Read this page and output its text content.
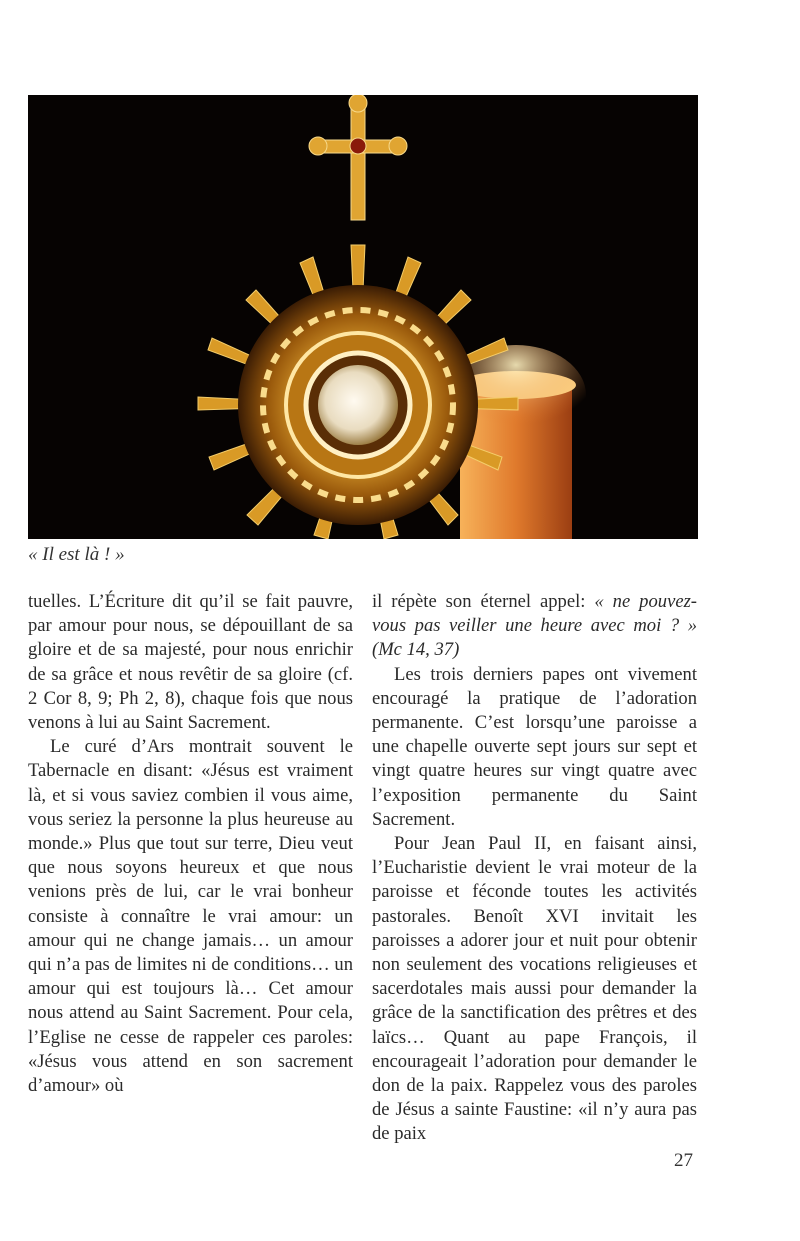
« Il est là ! »

tuelles. L’Écriture dit qu’il se fait pauvre, par amour pour nous, se dépouillant de sa gloire et de sa majesté, pour nous enrichir de sa grâce et nous revêtir de sa gloire (cf. 2 Cor 8, 9; Ph 2, 8), chaque fois que nous venons à lui au Saint Sacrement.

Le curé d’Ars montrait souvent le Tabernacle en disant: «Jésus est vraiment là, et si vous saviez combien il vous aime, vous seriez la personne la plus heureuse au monde.» Plus que tout sur terre, Dieu veut que nous soyons heureux et que nous venions près de lui, car le vrai bonheur consiste à connaître le vrai amour: un amour qui ne change jamais… un amour qui n’a pas de limites ni de conditions… un amour qui est toujours là… Cet amour nous attend au Saint Sacrement. Pour cela, l’Eglise ne cesse de rappeler ces paroles: «Jésus vous attend en son sacrement d’amour» où

il répète son éternel appel: « ne pouvez-vous pas veiller une heure avec moi ? » (Mc 14, 37)

Les trois derniers papes ont vivement encouragé la pratique de l’adoration permanente. C’est lorsqu’une paroisse a une chapelle ouverte sept jours sur sept et vingt quatre heures sur vingt quatre avec l’exposition permanente du Saint Sacrement.

Pour Jean Paul II, en faisant ainsi, l’Eucharistie devient le vrai moteur de la paroisse et féconde toutes les activités pastorales. Benoît XVI invitait les paroisses a adorer jour et nuit pour obtenir non seulement des vocations religieuses et sacerdotales mais aussi pour demander la grâce de la sanctification des prêtres et des laïcs… Quant au pape François, il encourageait l’adoration pour demander le don de la paix. Rappelez vous des paroles de Jésus a sainte Faustine: «il n’y aura pas de paix

27
